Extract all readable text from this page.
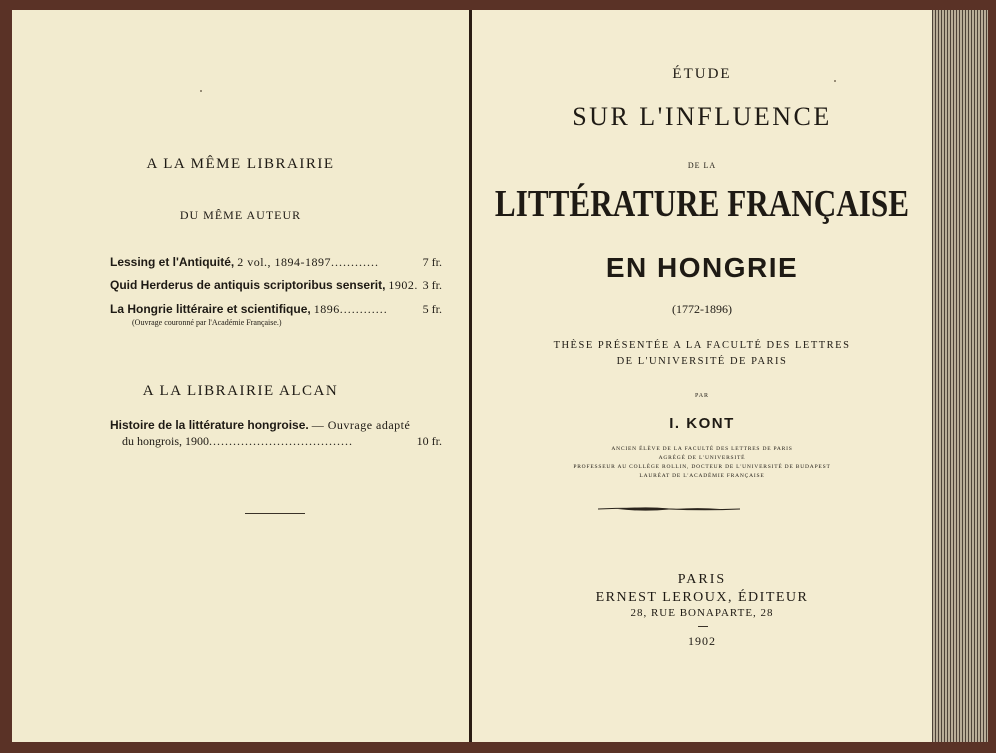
A LA MÊME LIBRAIRIE
DU MÊME AUTEUR
Lessing et l'Antiquité, 2 vol., 1894-1897............	7 fr.
Quid Herderus de antiquis scriptoribus senserit, 1902. 3 fr.
La Hongrie littéraire et scientifique, 1896............	5 fr.
(Ouvrage couronné par l'Académie Française.)
A LA LIBRAIRIE ALCAN
Histoire de la littérature hongroise. — Ouvrage adapté
du hongrois, 1900....................................	10 fr.
ÉTUDE
SUR L'INFLUENCE
DE LA
LITTÉRATURE FRANÇAISE
EN HONGRIE
(1772-1896)
THÈSE PRÉSENTÉE A LA FACULTÉ DES LETTRES
DE L'UNIVERSITÉ DE PARIS
PAR
I. KONT
ANCIEN ÉLÈVE DE LA FACULTÉ DES LETTRES DE PARIS
AGRÉGÉ DE L'UNIVERSITÉ
PROFESSEUR AU COLLÈGE ROLLIN, DOCTEUR DE L'UNIVERSITÉ DE BUDAPEST
LAURÉAT DE L'ACADÉMIE FRANÇAISE
PARIS
ERNEST LEROUX, ÉDITEUR
28, RUE BONAPARTE, 28
1902
